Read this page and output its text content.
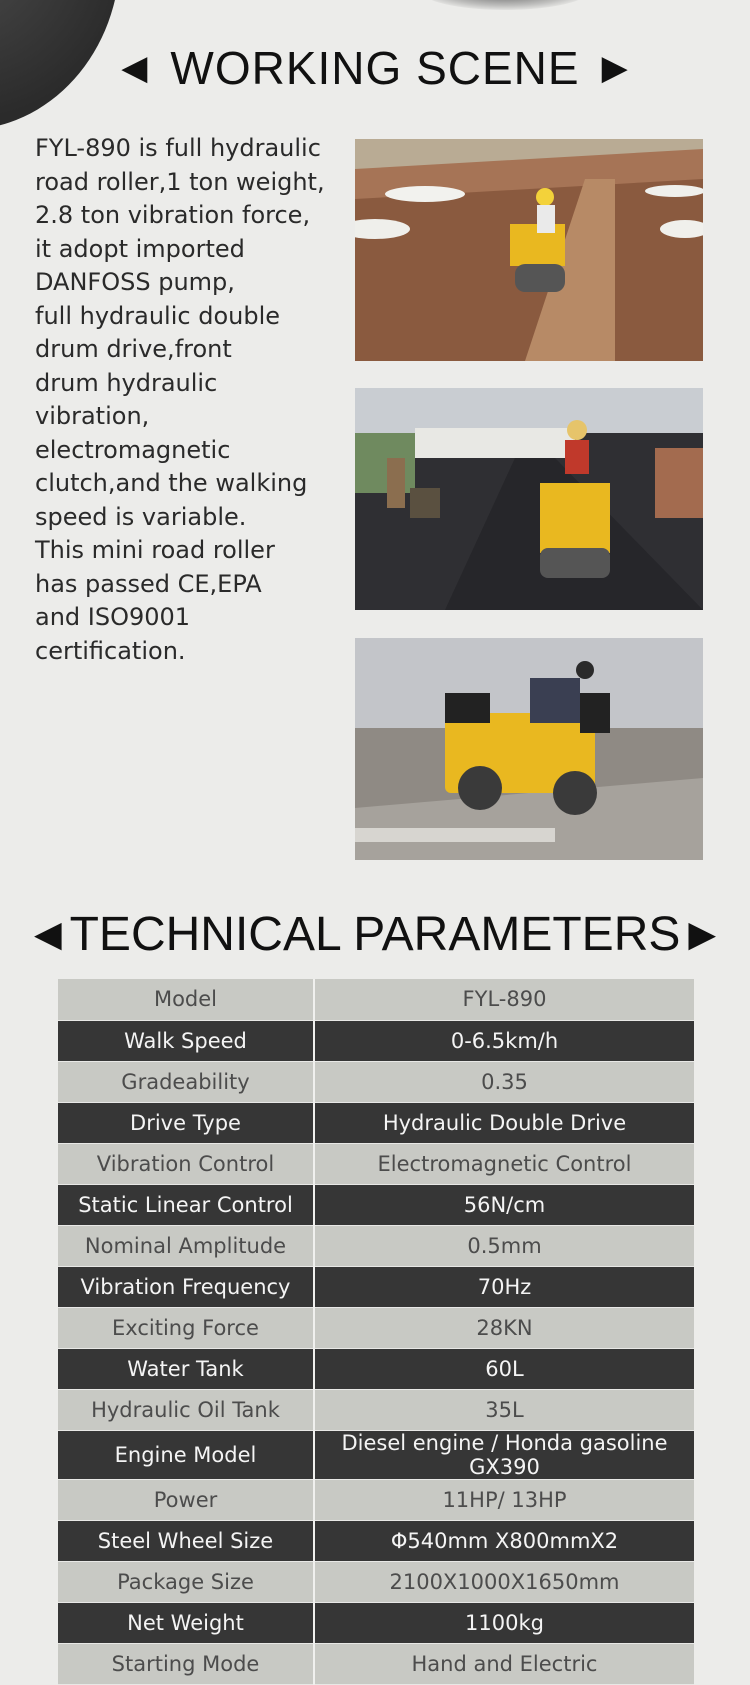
◀ WORKING SCENE ▶
FYL-890 is full hydraulic
road roller,1 ton weight,
2.8 ton vibration force,
it adopt imported
DANFOSS pump,
full hydraulic double
drum drive,front
drum hydraulic
vibration,
electromagnetic
clutch,and the walking
speed is variable.
This mini road roller
has passed CE,EPA
and ISO9001
certification.
◀ TECHNICAL PARAMETERS ▶
Model	FYL-890
Walk Speed	0-6.5km/h
Gradeability	0.35
Drive Type	Hydraulic Double Drive
Vibration Control	Electromagnetic Control
Static Linear Control	56N/cm
Nominal Amplitude	0.5mm
Vibration Frequency	70Hz
Exciting Force	28KN
Water Tank	60L
Hydraulic Oil Tank	35L
Engine Model	Diesel engine / Honda gasoline GX390
Power	11HP/ 13HP
Steel Wheel Size	Φ540mm X800mmX2
Package Size	2100X1000X1650mm
Net Weight	1100kg
Starting Mode	Hand and Electric
